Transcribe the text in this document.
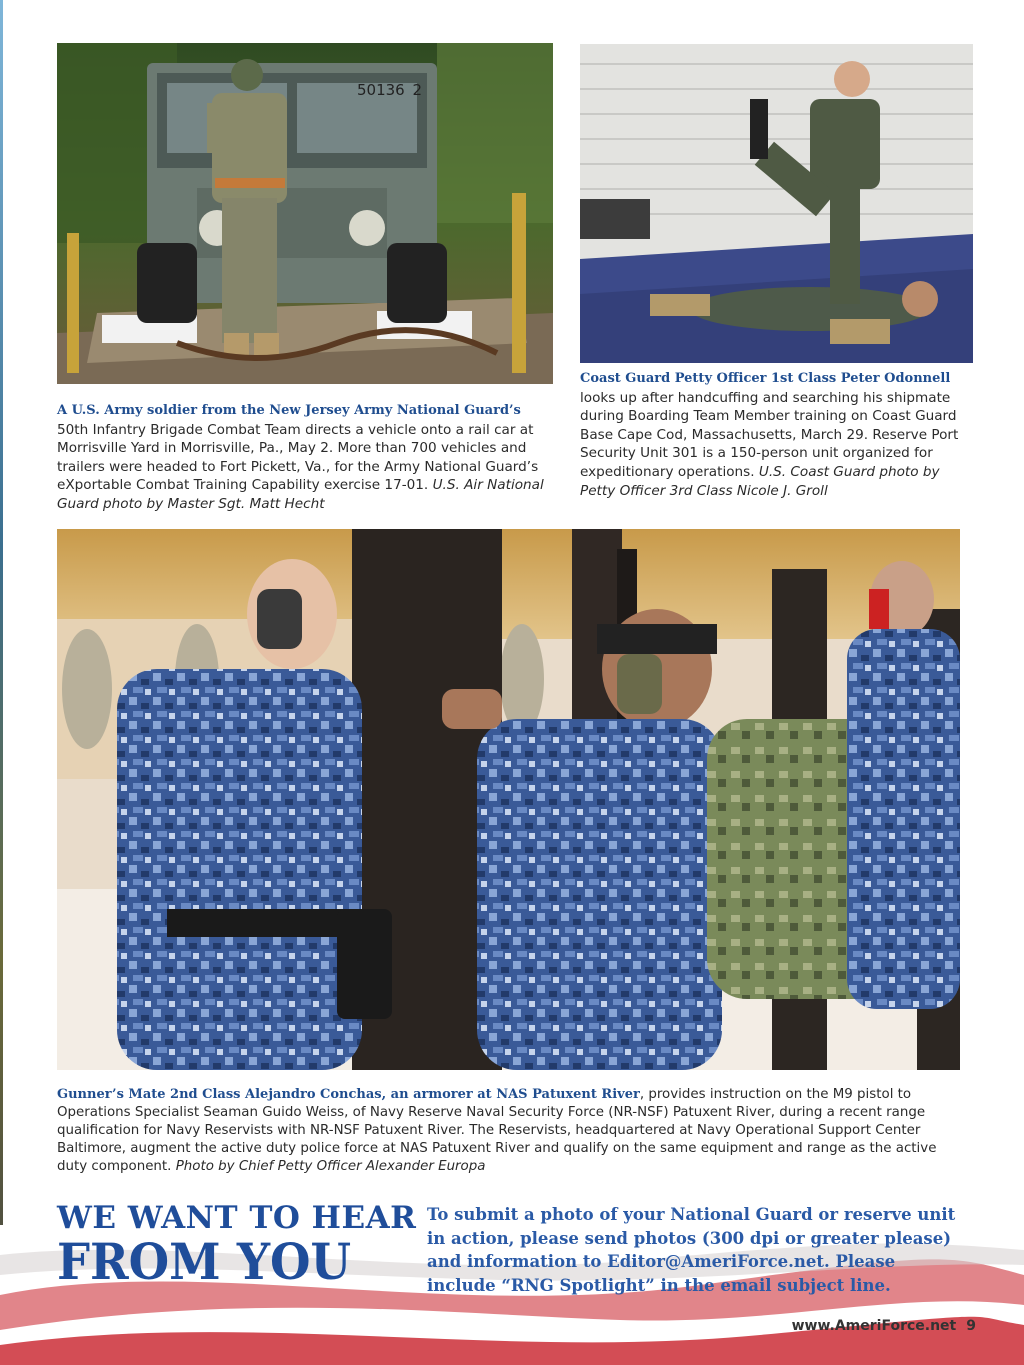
50136 2
A U.S. Army soldier from the New Jersey Army National Guard’s 50th Infantry Brigade Combat Team directs a vehicle onto a rail car at Morrisville Yard in Morrisville, Pa., May 2. More than 700 vehicles and trailers were headed to Fort Pickett, Va., for the Army National Guard’s eXportable Combat Training Capability exercise 17-01. U.S. Air National Guard photo by Master Sgt. Matt Hecht
Coast Guard Petty Officer 1st Class Peter Odonnell looks up after handcuffing and searching his shipmate during Boarding Team Member training on Coast Guard Base Cape Cod, Massachusetts, March 29. Reserve Port Security Unit 301 is a 150-person unit organized for expeditionary operations. U.S. Coast Guard photo by Petty Officer 3rd Class Nicole J. Groll
Gunner’s Mate 2nd Class Alejandro Conchas, an armorer at NAS Patuxent River, provides instruction on the M9 pistol to Operations Specialist Seaman Guido Weiss, of Navy Reserve Naval Security Force (NR-NSF) Patuxent River, during a recent range qualification for Navy Reservists with NR-NSF Patuxent River. The Reservists, headquartered at Navy Operational Support Center Baltimore, augment the active duty police force at NAS Patuxent River and qualify on the same equipment and range as the active duty component. Photo by Chief Petty Officer Alexander Europa
WE WANT TO HEAR
FROM YOU
To submit a photo of your National Guard or reserve unit in action, please send photos (300 dpi or greater please) and information to Editor@AmeriForce.net. Please include “RNG Spotlight” in the email subject line.
www.AmeriForce.net 9
